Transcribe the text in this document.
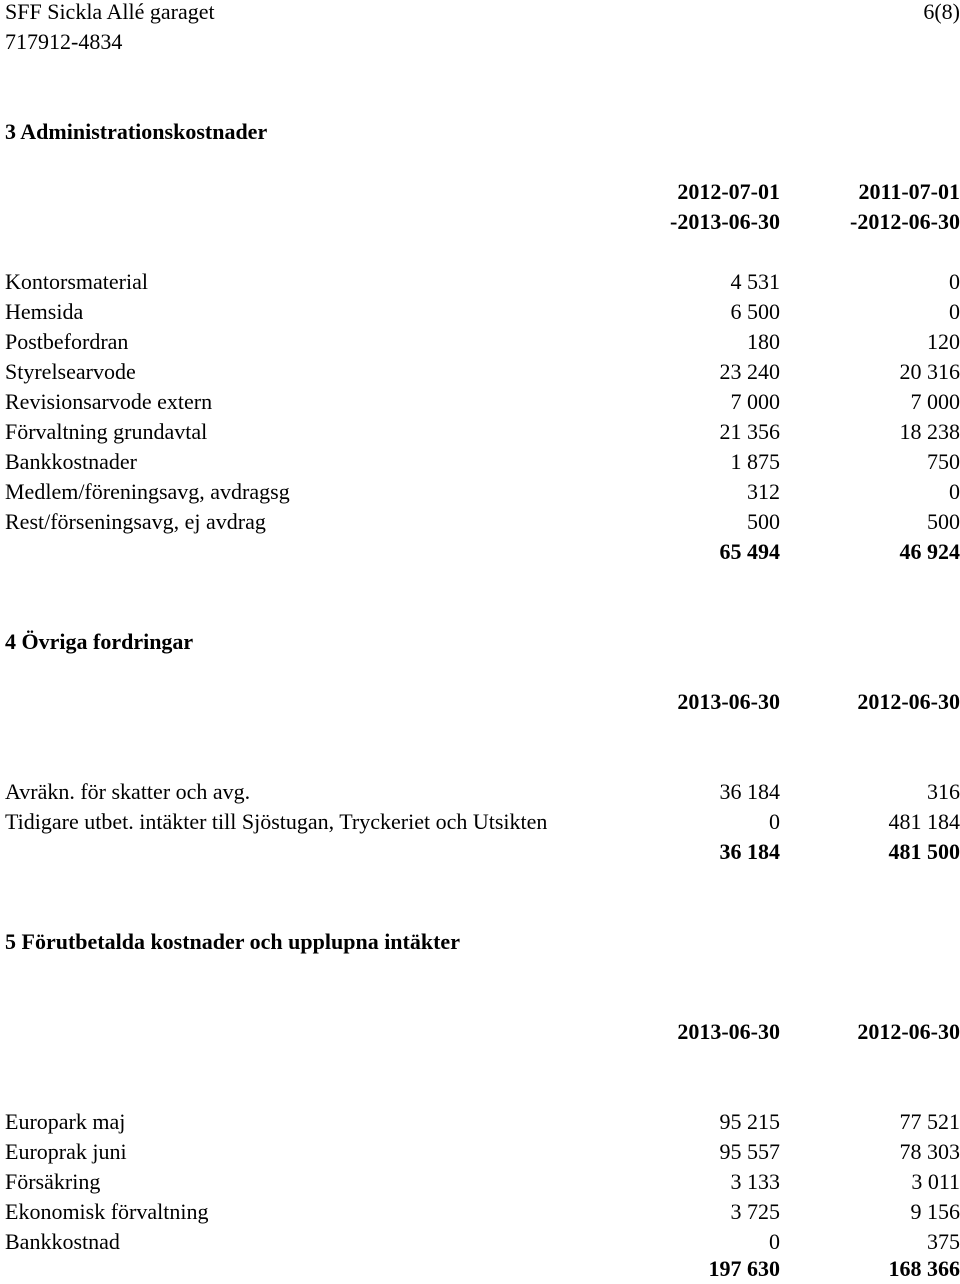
SFF Sickla Allé garaget
717912-4834
6(8)
3 Administrationskostnader
2012-07-01	2011-07-01
-2013-06-30	-2012-06-30
Kontorsmaterial	4 531	0
Hemsida	6 500	0
Postbefordran	180	120
Styrelsearvode	23 240	20 316
Revisionsarvode extern	7 000	7 000
Förvaltning grundavtal	21 356	18 238
Bankkostnader	1 875	750
Medlem/föreningsavg, avdragsg	312	0
Rest/förseningsavg, ej avdrag	500	500
65 494	46 924
4 Övriga fordringar
2013-06-30	2012-06-30
Avräkn. för skatter och avg.	36 184	316
Tidigare utbet. intäkter till Sjöstugan, Tryckeriet och Utsikten	0	481 184
36 184	481 500
5 Förutbetalda kostnader och upplupna intäkter
2013-06-30	2012-06-30
Europark maj	95 215	77 521
Europrak juni	95 557	78 303
Försäkring	3 133	3 011
Ekonomisk förvaltning	3 725	9 156
Bankkostnad	0	375
197 630	168 366
